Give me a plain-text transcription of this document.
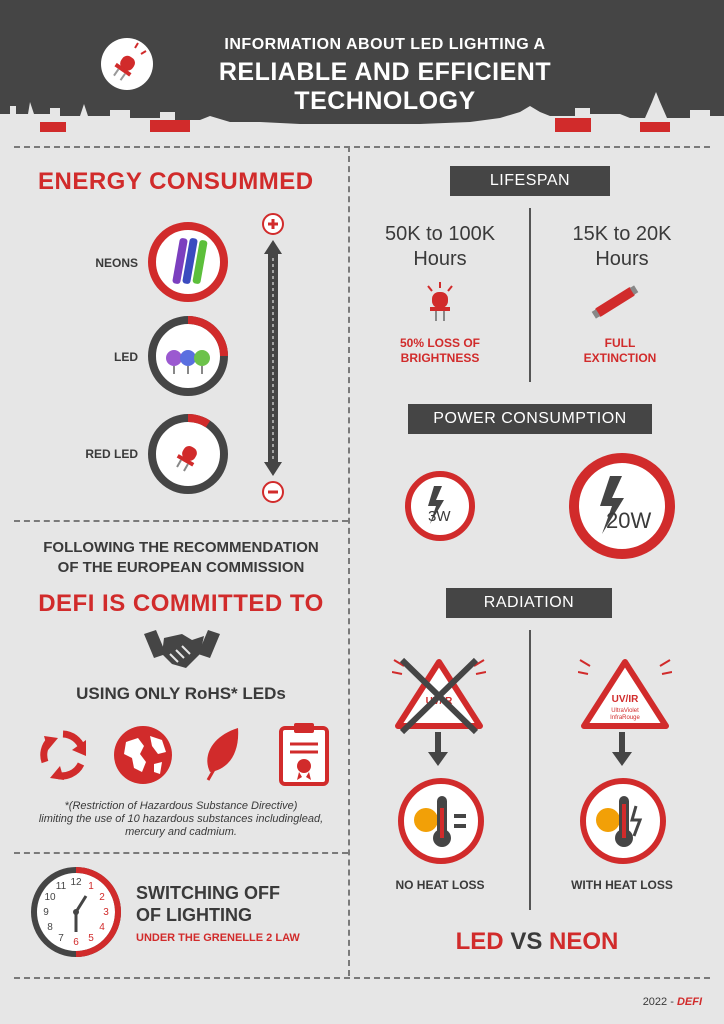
INFORMATION ABOUT LED LIGHTING A
RELIABLE AND EFFICIENT
TECHNOLOGY
ENERGY CONSUMMED
NEONS
LED
RED LED
FOLLOWING THE RECOMMENDATION
OF THE EUROPEAN COMMISSION
DEFI IS COMMITTED TO
USING ONLY RoHS* LEDs
*(Restriction of Hazardous Substance Directive)
limiting the use of 10 hazardous substances includinglead,
mercury and cadmium.
12 1
2
3
4
5
6
7
8
9
10
11	SWITCHING OFF
OF LIGHTING
UNDER THE GRENELLE 2 LAW
LIFESPAN
50K to 100K
Hours
15K to 20K
Hours
50% LOSS OF
BRIGHTNESS
FULL
EXTINCTION
POWER CONSUMPTION
3W	20W
RADIATION
UV/IR	UV/IR
UltraViolet
InfraRouge
NO HEAT LOSS	WITH HEAT LOSS
LED VS NEON
2022 - DEFI
